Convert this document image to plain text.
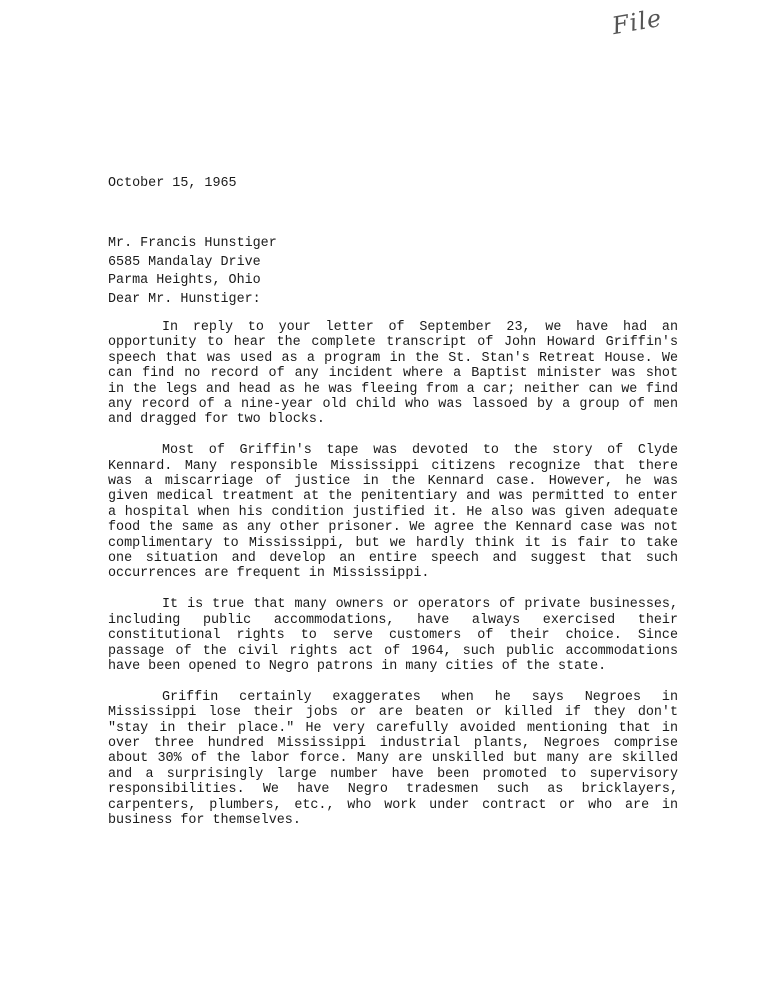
File
October 15, 1965
Mr. Francis Hunstiger
6585 Mandalay Drive
Parma Heights, Ohio
Dear Mr. Hunstiger:

In reply to your letter of September 23, we have had an opportunity to hear the complete transcript of John Howard Griffin's speech that was used as a program in the St. Stan's Retreat House. We can find no record of any incident where a Baptist minister was shot in the legs and head as he was fleeing from a car; neither can we find any record of a nine-year old child who was lassoed by a group of men and dragged for two blocks.

Most of Griffin's tape was devoted to the story of Clyde Kennard. Many responsible Mississippi citizens recognize that there was a miscarriage of justice in the Kennard case. However, he was given medical treatment at the penitentiary and was permitted to enter a hospital when his condition justified it. He also was given adequate food the same as any other prisoner. We agree the Kennard case was not complimentary to Mississippi, but we hardly think it is fair to take one situation and develop an entire speech and suggest that such occurrences are frequent in Mississippi.

It is true that many owners or operators of private businesses, including public accommodations, have always exercised their constitutional rights to serve customers of their choice. Since passage of the civil rights act of 1964, such public accommodations have been opened to Negro patrons in many cities of the state.

Griffin certainly exaggerates when he says Negroes in Mississippi lose their jobs or are beaten or killed if they don't "stay in their place." He very carefully avoided mentioning that in over three hundred Mississippi industrial plants, Negroes comprise about 30% of the labor force. Many are unskilled but many are skilled and a surprisingly large number have been promoted to supervisory responsibilities. We have Negro tradesmen such as bricklayers, carpenters, plumbers, etc., who work under contract or who are in business for themselves.
